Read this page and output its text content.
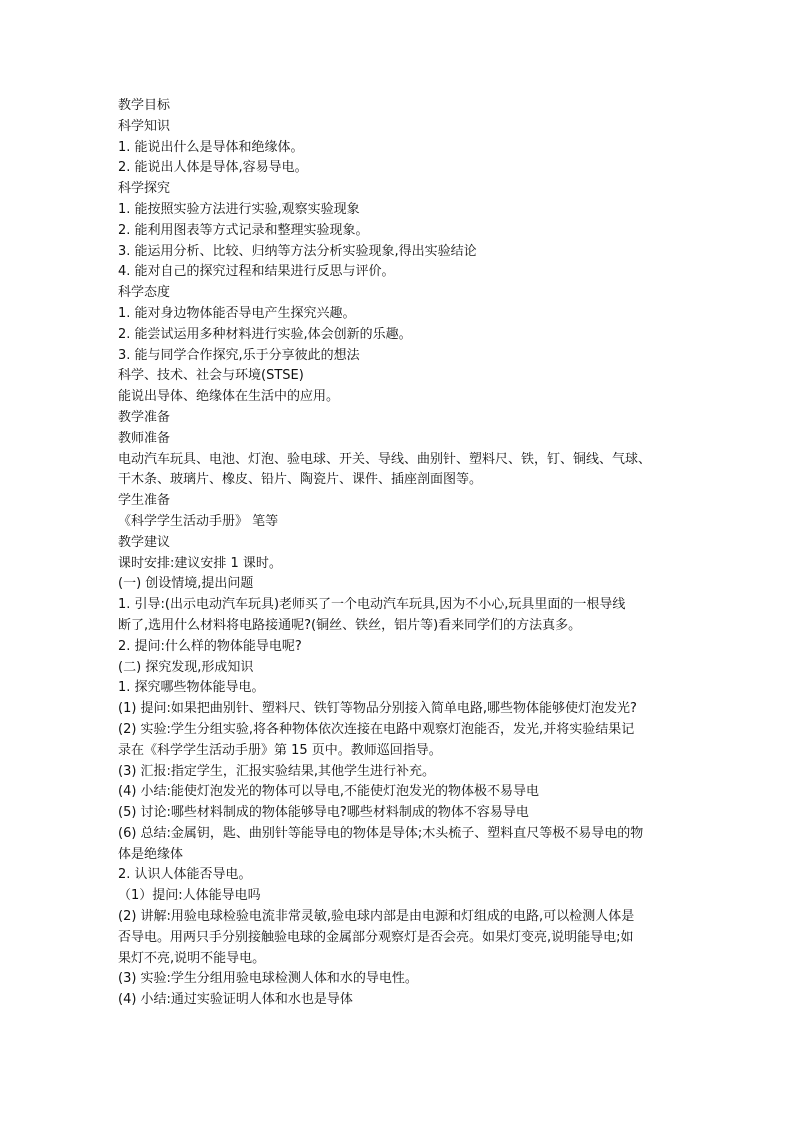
教学目标
科学知识
1. 能说出什么是导体和绝缘体。
2. 能说出人体是导体,容易导电。
科学探究
1. 能按照实验方法进行实验,观察实验现象
2. 能利用图表等方式记录和整理实验现象。
3. 能运用分析、比较、归纳等方法分析实验现象,得出实验结论
4. 能对自己的探究过程和结果进行反思与评价。
科学态度
1. 能对身边物体能否导电产生探究兴趣。
2. 能尝试运用多种材料进行实验,体会创新的乐趣。
3. 能与同学合作探究,乐于分享彼此的想法
科学、技术、社会与环境(STSE)
能说出导体、绝缘体在生活中的应用。
教学准备
教师准备
电动汽车玩具、电池、灯泡、验电球、开关、导线、曲别针、塑料尺、铁，钉、铜线、气球、
干木条、玻璃片、橡皮、铅片、陶瓷片、课件、插座剖面图等。
学生准备
《科学学生活动手册》 笔等
教学建议
课时安排:建议安排 1 课时。
(一) 创设情境,提出问题
1. 引导:(出示电动汽车玩具)老师买了一个电动汽车玩具,因为不小心,玩具里面的一根导线
断了,选用什么材料将电路接通呢?(铜丝、铁丝，铝片等)看来同学们的方法真多。
2. 提问:什么样的物体能导电呢?
(二) 探究发现,形成知识
1. 探究哪些物体能导电。
(1) 提问:如果把曲别针、塑料尺、铁钉等物品分别接入简单电路,哪些物体能够使灯泡发光?
(2) 实验:学生分组实验,将各种物体依次连接在电路中观察灯泡能否，发光,并将实验结果记
录在《科学学生活动手册》第 15 页中。教师巡回指导。
(3) 汇报:指定学生，汇报实验结果,其他学生进行补充。
(4) 小结:能使灯泡发光的物体可以导电,不能使灯泡发光的物体极不易导电
(5) 讨论:哪些材料制成的物体能够导电?哪些材料制成的物体不容易导电
(6) 总结:金属钥，匙、曲别针等能导电的物体是导体;木头梳子、塑料直尺等极不易导电的物
体是绝缘体
2. 认识人体能否导电。
（1）提问:人体能导电吗
(2) 讲解:用验电球检验电流非常灵敏,验电球内部是由电源和灯组成的电路,可以检测人体是
否导电。用两只手分别接触验电球的金属部分观察灯是否会亮。如果灯变亮,说明能导电;如
果灯不亮,说明不能导电。
(3) 实验:学生分组用验电球检测人体和水的导电性。
(4) 小结:通过实验证明人体和水也是导体
